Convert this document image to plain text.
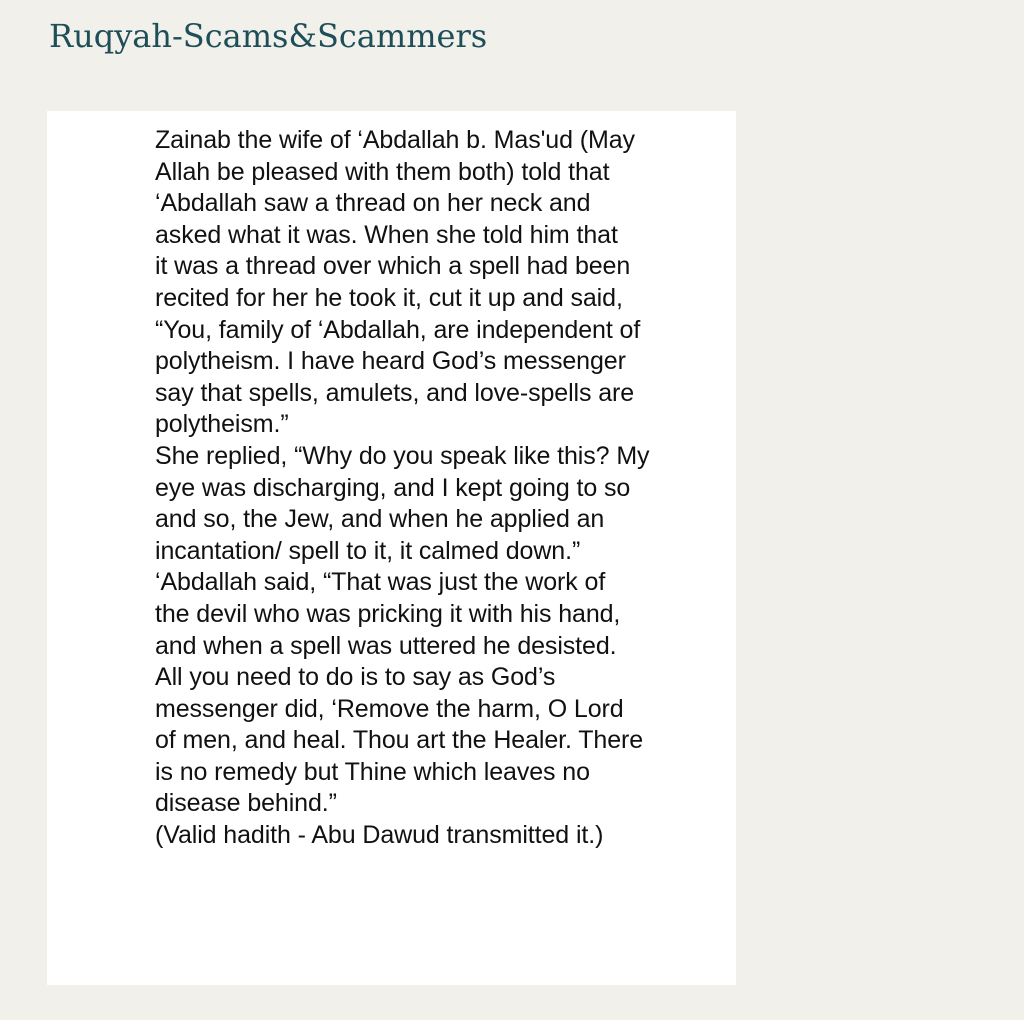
Ruqyah-Scams&Scammers

Zainab the wife of ‘Abdallah b. Mas'ud (May
Allah be pleased with them both) told that
‘Abdallah saw a thread on her neck and
asked what it was. When she told him that
it was a thread over which a spell had been
recited for her he took it, cut it up and said,
“You, family of ‘Abdallah, are independent of
polytheism. I have heard God’s messenger
say that spells, amulets, and love-spells are
polytheism.”
She replied, “Why do you speak like this? My
eye was discharging, and I kept going to so
and so, the Jew, and when he applied an
incantation/ spell to it, it calmed down.”
‘Abdallah said, “That was just the work of
the devil who was pricking it with his hand,
and when a spell was uttered he desisted.
All you need to do is to say as God’s
messenger did, ‘Remove the harm, O Lord
of men, and heal. Thou art the Healer. There
is no remedy but Thine which leaves no
disease behind.”
(Valid hadith - Abu Dawud transmitted it.)
